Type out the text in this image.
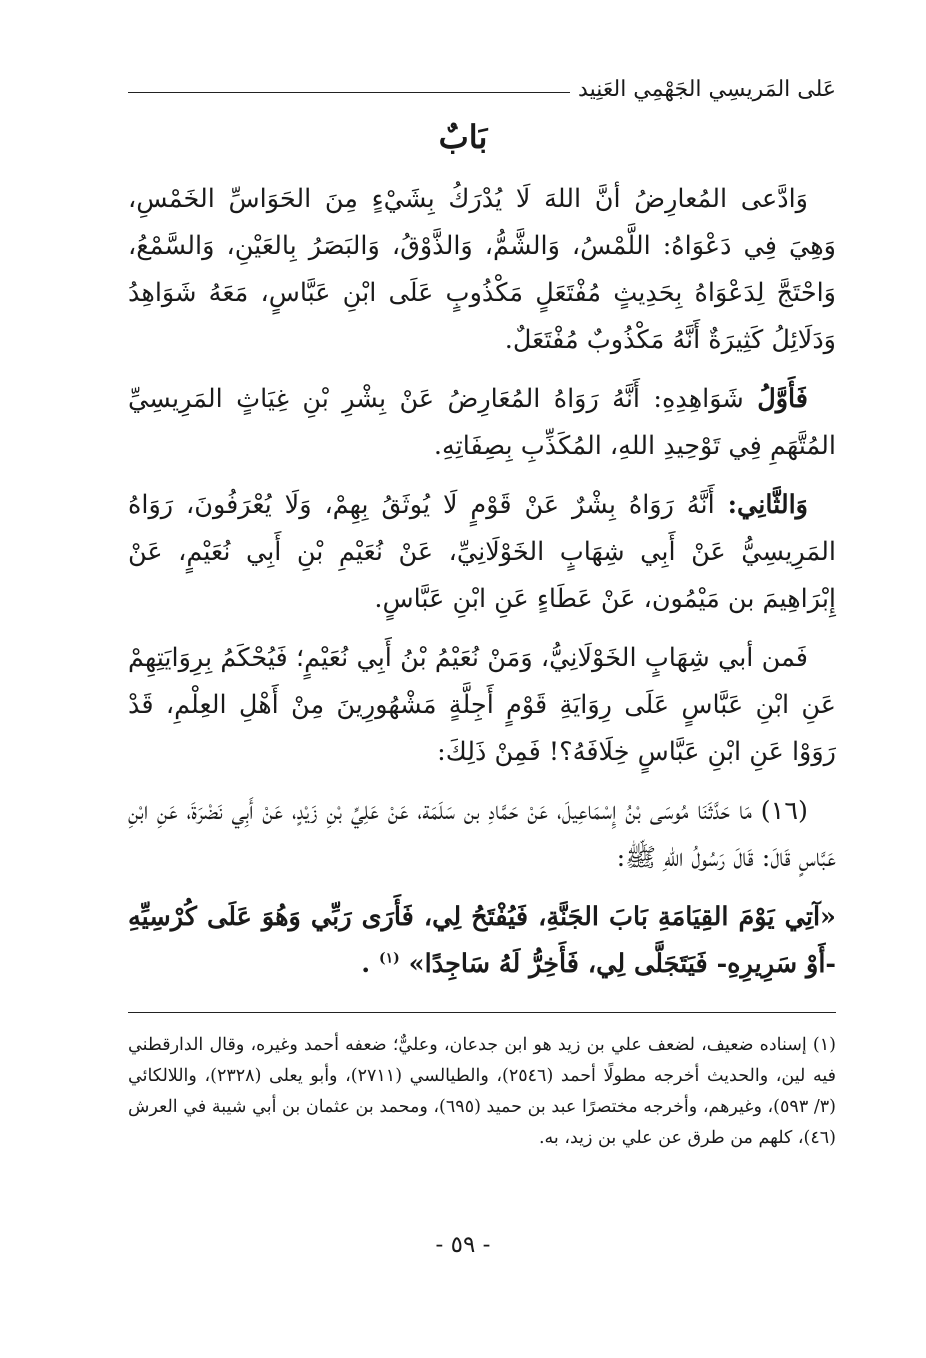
عَلى المَريسِي الجَهْمِي العَنِيد
بَابٌ

وَادَّعى المُعارِضُ أنَّ اللهَ لَا يُدْرَكُ بِشَيْءٍ مِنَ الحَوَاسِّ الخَمْسِ، وَهِيَ فِي دَعْوَاهُ: اللَّمْسُ، وَالشَّمُّ، وَالذَّوْقُ، وَالبَصَرُ بِالعَيْنِ، وَالسَّمْعُ، وَاحْتَجَّ لِدَعْوَاهُ بِحَدِيثٍ مُفْتَعَلٍ مَكْذُوبٍ عَلَى ابْنِ عَبَّاسٍ، مَعَهُ شَوَاهِدُ وَدَلَائِلُ كَثِيرَةٌ أَنَّهُ مَكْذُوبٌ مُفْتَعَلٌ.

فَأَوَّلُ شَوَاهِدِهِ: أَنَّهُ رَوَاهُ المُعَارِضُ عَنْ بِشْرِ بْنِ غِيَاثٍ المَرِيسِيِّ المُتَّهَمِ فِي تَوْحِيدِ اللهِ، المُكَذِّبِ بِصِفَاتِهِ.

وَالثَّانِي: أَنَّهُ رَوَاهُ بِشْرٌ عَنْ قَوْمٍ لَا يُوثَقُ بِهِمْ، وَلَا يُعْرَفُونَ، رَوَاهُ المَرِيسِيُّ عَنْ أَبِي شِهَابٍ الخَوْلَانِيِّ، عَنْ نُعَيْمِ بْنِ أَبِي نُعَيْمٍ، عَنْ إِبْرَاهِيمَ بن مَيْمُون، عَنْ عَطَاءٍ عَنِ ابْنِ عَبَّاسٍ.

فَمن أبي شِهَابٍ الخَوْلَانِيُّ، وَمَنْ نُعَيْمُ بْنُ أَبِي نُعَيْمٍ؛ فَيُحْكَمُ بِرِوَايَتِهِمْ عَنِ ابْنِ عَبَّاسٍ عَلَى رِوَايَةِ قَوْمٍ أَجِلَّةٍ مَشْهُورِينَ مِنْ أَهْلِ العِلْمِ، قَدْ رَوَوْا عَنِ ابْنِ عَبَّاسٍ خِلَافَهُ؟! فَمِنْ ذَلِكَ:

(١٦) مَا حَدَّثَنَا مُوسَى بْنُ إِسْمَاعِيلَ، عَنْ حَمَّادِ بن سَلَمَة، عَنْ عَلِيِّ بْنِ زَيْدٍ، عَنْ أَبِي نَضْرَةَ، عَنِ ابْنِ عَبَّاسٍ قَالَ: قَالَ رَسُولُ اللهِ ﷺ:

«آتِي يَوْمَ القِيَامَةِ بَابَ الجَنَّةِ، فَيُفْتَحُ لِي، فَأَرَى رَبِّي وَهُوَ عَلَى كُرْسِيِّهِ -أَوْ سَرِيرِهِ- فَيَتَجَلَّى لِي، فَأَخِرُّ لَهُ سَاجِدًا» $^{(١)}$ .

(١) إسناده ضعيف، لضعف علي بن زيد هو ابن جدعان، وعليٌّ؛ ضعفه أحمد وغيره، وقال الدارقطني فيه لين، والحديث أخرجه مطولًا أحمد (٢٥٤٦)، والطيالسي (٢٧١١)، وأبو يعلى (٢٣٢٨)، واللالكائي (٣/ ٥٩٣)، وغيرهم، وأخرجه مختصرًا عبد بن حميد (٦٩٥)، ومحمد بن عثمان بن أبي شيبة في العرش (٤٦)، كلهم من طرق عن علي بن زيد، به.

- ٥٩ -
